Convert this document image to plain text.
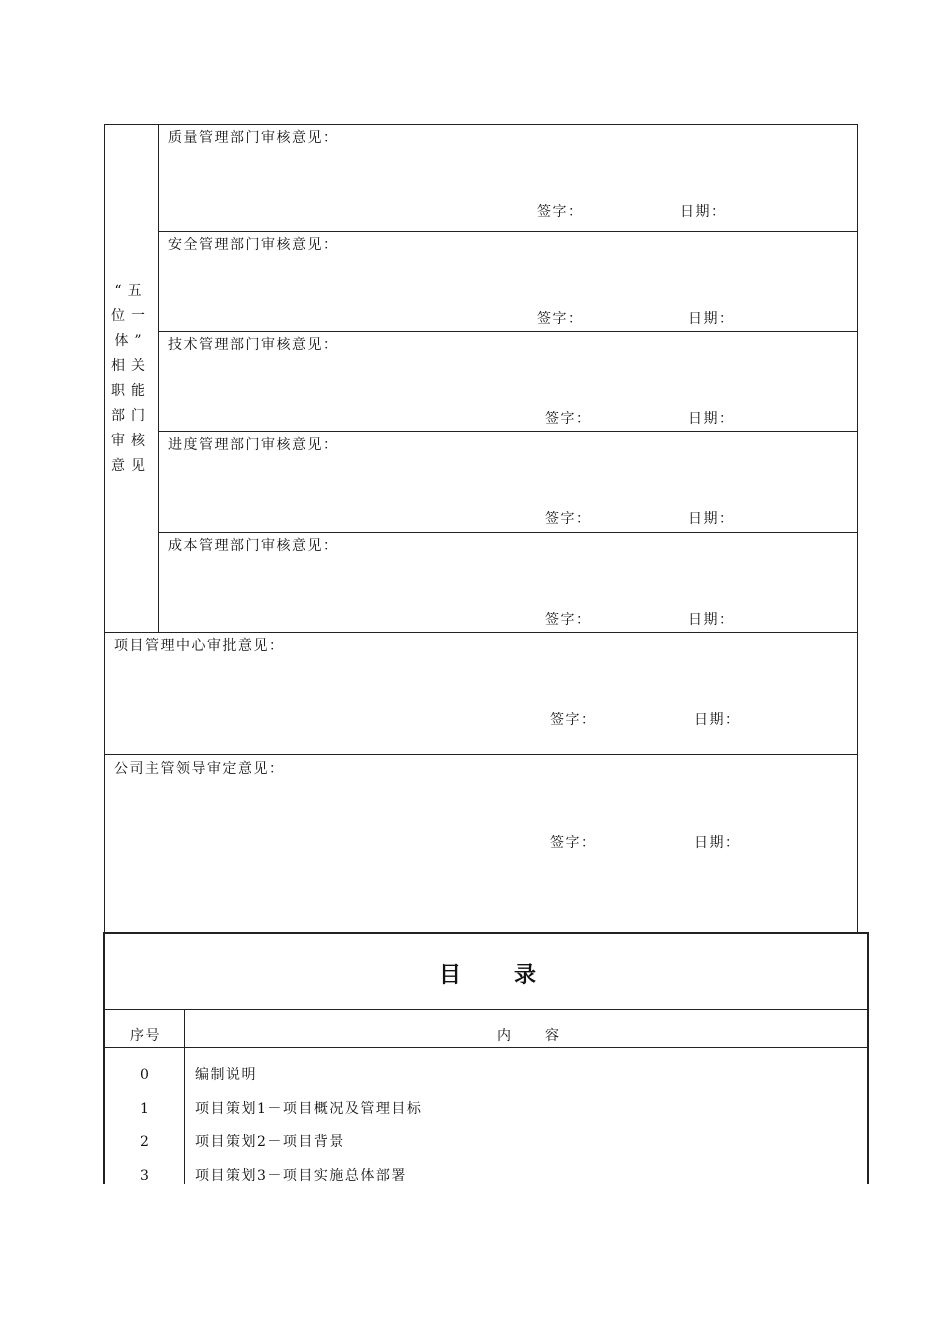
“五
位一
体”
相关
职能
部门
审核
意见
质量管理部门审核意见：
签字：	日期：
安全管理部门审核意见：
签字：	日期：
技术管理部门审核意见：
签字：	日期：
进度管理部门审核意见：
签字：	日期：
成本管理部门审核意见：
签字：	日期：
项目管理中心审批意见：
签字：	日期：
公司主管领导审定意见：
签字：	日期：
目 录
序号	内 容
0	编制说明
1	项目策划1－项目概况及管理目标
2	项目策划2－项目背景
3	项目策划3－项目实施总体部署
